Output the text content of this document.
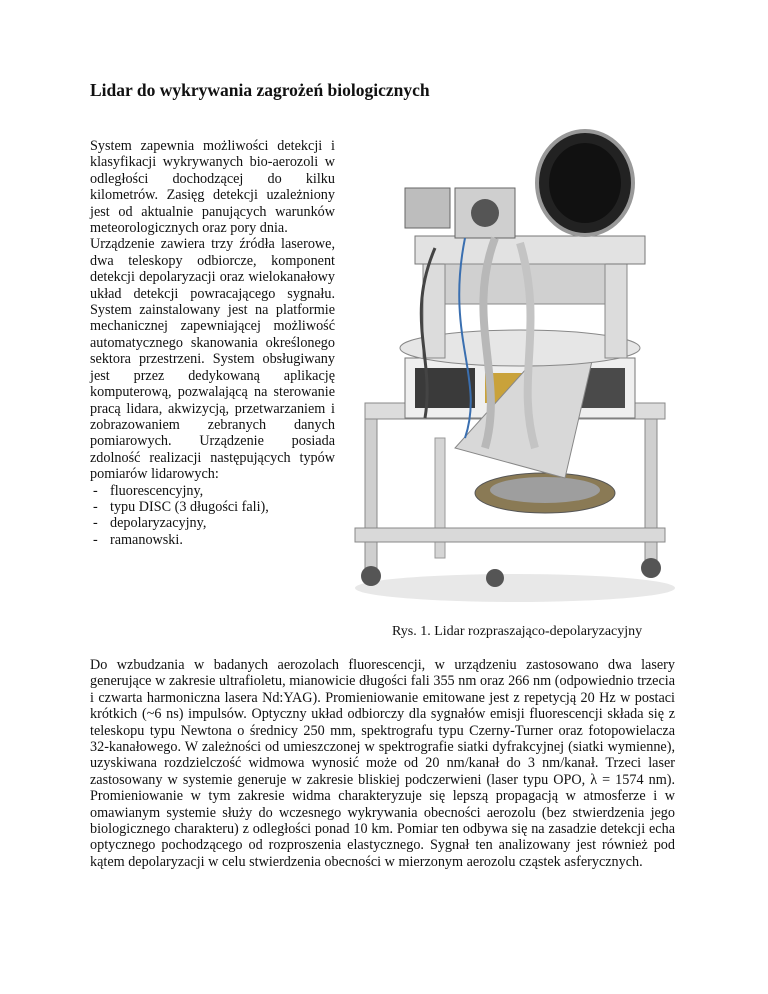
Lidar do wykrywania zagrożeń biologicznych

System zapewnia możliwości detekcji i klasyfikacji wykrywanych bio-aerozoli w odległości dochodzącej do kilku kilometrów. Zasięg detekcji uzależniony jest od aktualnie panujących warunków meteorologicznych oraz pory dnia.

Urządzenie zawiera trzy źródła laserowe, dwa teleskopy odbiorcze, komponent detekcji depolaryzacji oraz wielokanałowy układ detekcji powracającego sygnału. System zainstalowany jest na platformie mechanicznej zapewniającej możliwość automatycznego skanowania określonego sektora przestrzeni. System obsługiwany jest przez dedykowaną aplikację komputerową, pozwalającą na sterowanie pracą lidara, akwizycją, przetwarzaniem i zobrazowaniem zebranych danych pomiarowych. Urządzenie posiada zdolność realizacji następujących typów pomiarów lidarowych:

- fluorescencyjny,
- typu DISC (3 długości fali),
- depolaryzacyjny,
- ramanowski.

Rys. 1. Lidar rozpraszająco-depolaryzacyjny

Do wzbudzania w badanych aerozolach fluorescencji, w urządzeniu zastosowano dwa lasery generujące w zakresie ultrafioletu, mianowicie długości fali 355 nm oraz 266 nm (odpowiednio trzecia i czwarta harmoniczna lasera Nd:YAG). Promieniowanie emitowane jest z repetycją 20 Hz w postaci krótkich (~6 ns) impulsów. Optyczny układ odbiorczy dla sygnałów emisji fluorescencji składa się z teleskopu typu Newtona o średnicy 250 mm, spektrografu typu Czerny-Turner oraz fotopowielacza 32-kanałowego. W zależności od umieszczonej w spektrografie siatki dyfrakcyjnej (siatki wymienne), uzyskiwana rozdzielczość widmowa wynosić może od 20 nm/kanał do 3 nm/kanał. Trzeci laser zastosowany w systemie generuje w zakresie bliskiej podczerwieni (laser typu OPO, λ = 1574 nm). Promieniowanie w tym zakresie widma charakteryzuje się lepszą propagacją w atmosferze i w omawianym systemie służy do wczesnego wykrywania obecności aerozolu (bez stwierdzenia jego biologicznego charakteru) z odległości ponad 10 km. Pomiar ten odbywa się na zasadzie detekcji echa optycznego pochodzącego od rozproszenia elastycznego. Sygnał ten analizowany jest również pod kątem depolaryzacji w celu stwierdzenia obecności w mierzonym aerozolu cząstek asferycznych.
